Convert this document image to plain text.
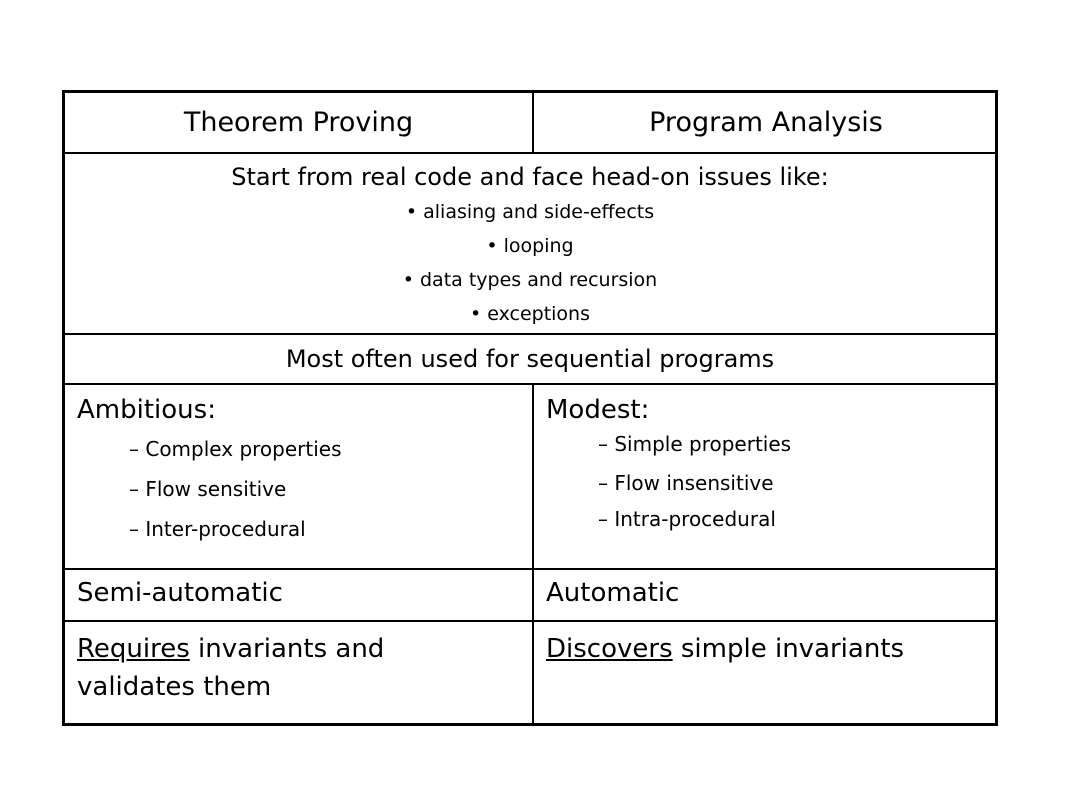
Theorem Proving	Program Analysis
Start from real code and face head-on issues like:
• aliasing and side-effects
• looping
• data types and recursion
• exceptions
Most often used for sequential programs
Ambitious:
– Complex properties
– Flow sensitive
– Inter-procedural
Modest:
– Simple properties
– Flow insensitive
– Intra-procedural
Semi-automatic	Automatic
Requires invariants and
validates them
Discovers simple invariants
